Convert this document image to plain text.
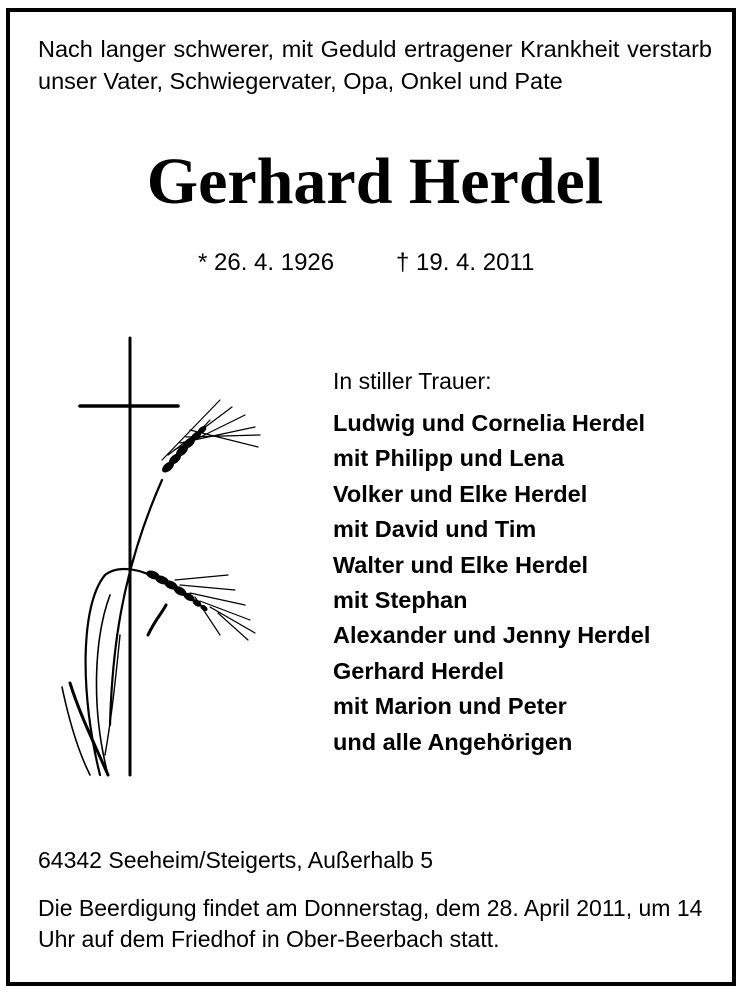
Nach langer schwerer, mit Geduld ertragener Krankheit verstarb unser Vater, Schwiegervater, Opa, Onkel und Pate
Gerhard Herdel
* 26. 4. 1926	† 19. 4. 2011
In stiller Trauer:
Ludwig und Cornelia Herdel
mit Philipp und Lena
Volker und Elke Herdel
mit David und Tim
Walter und Elke Herdel
mit Stephan
Alexander und Jenny Herdel
Gerhard Herdel
mit Marion und Peter
und alle Angehörigen
64342 Seeheim/Steigerts, Außerhalb 5
Die Beerdigung findet am Donnerstag, dem 28. April 2011, um 14 Uhr auf dem Friedhof in Ober-Beerbach statt.
